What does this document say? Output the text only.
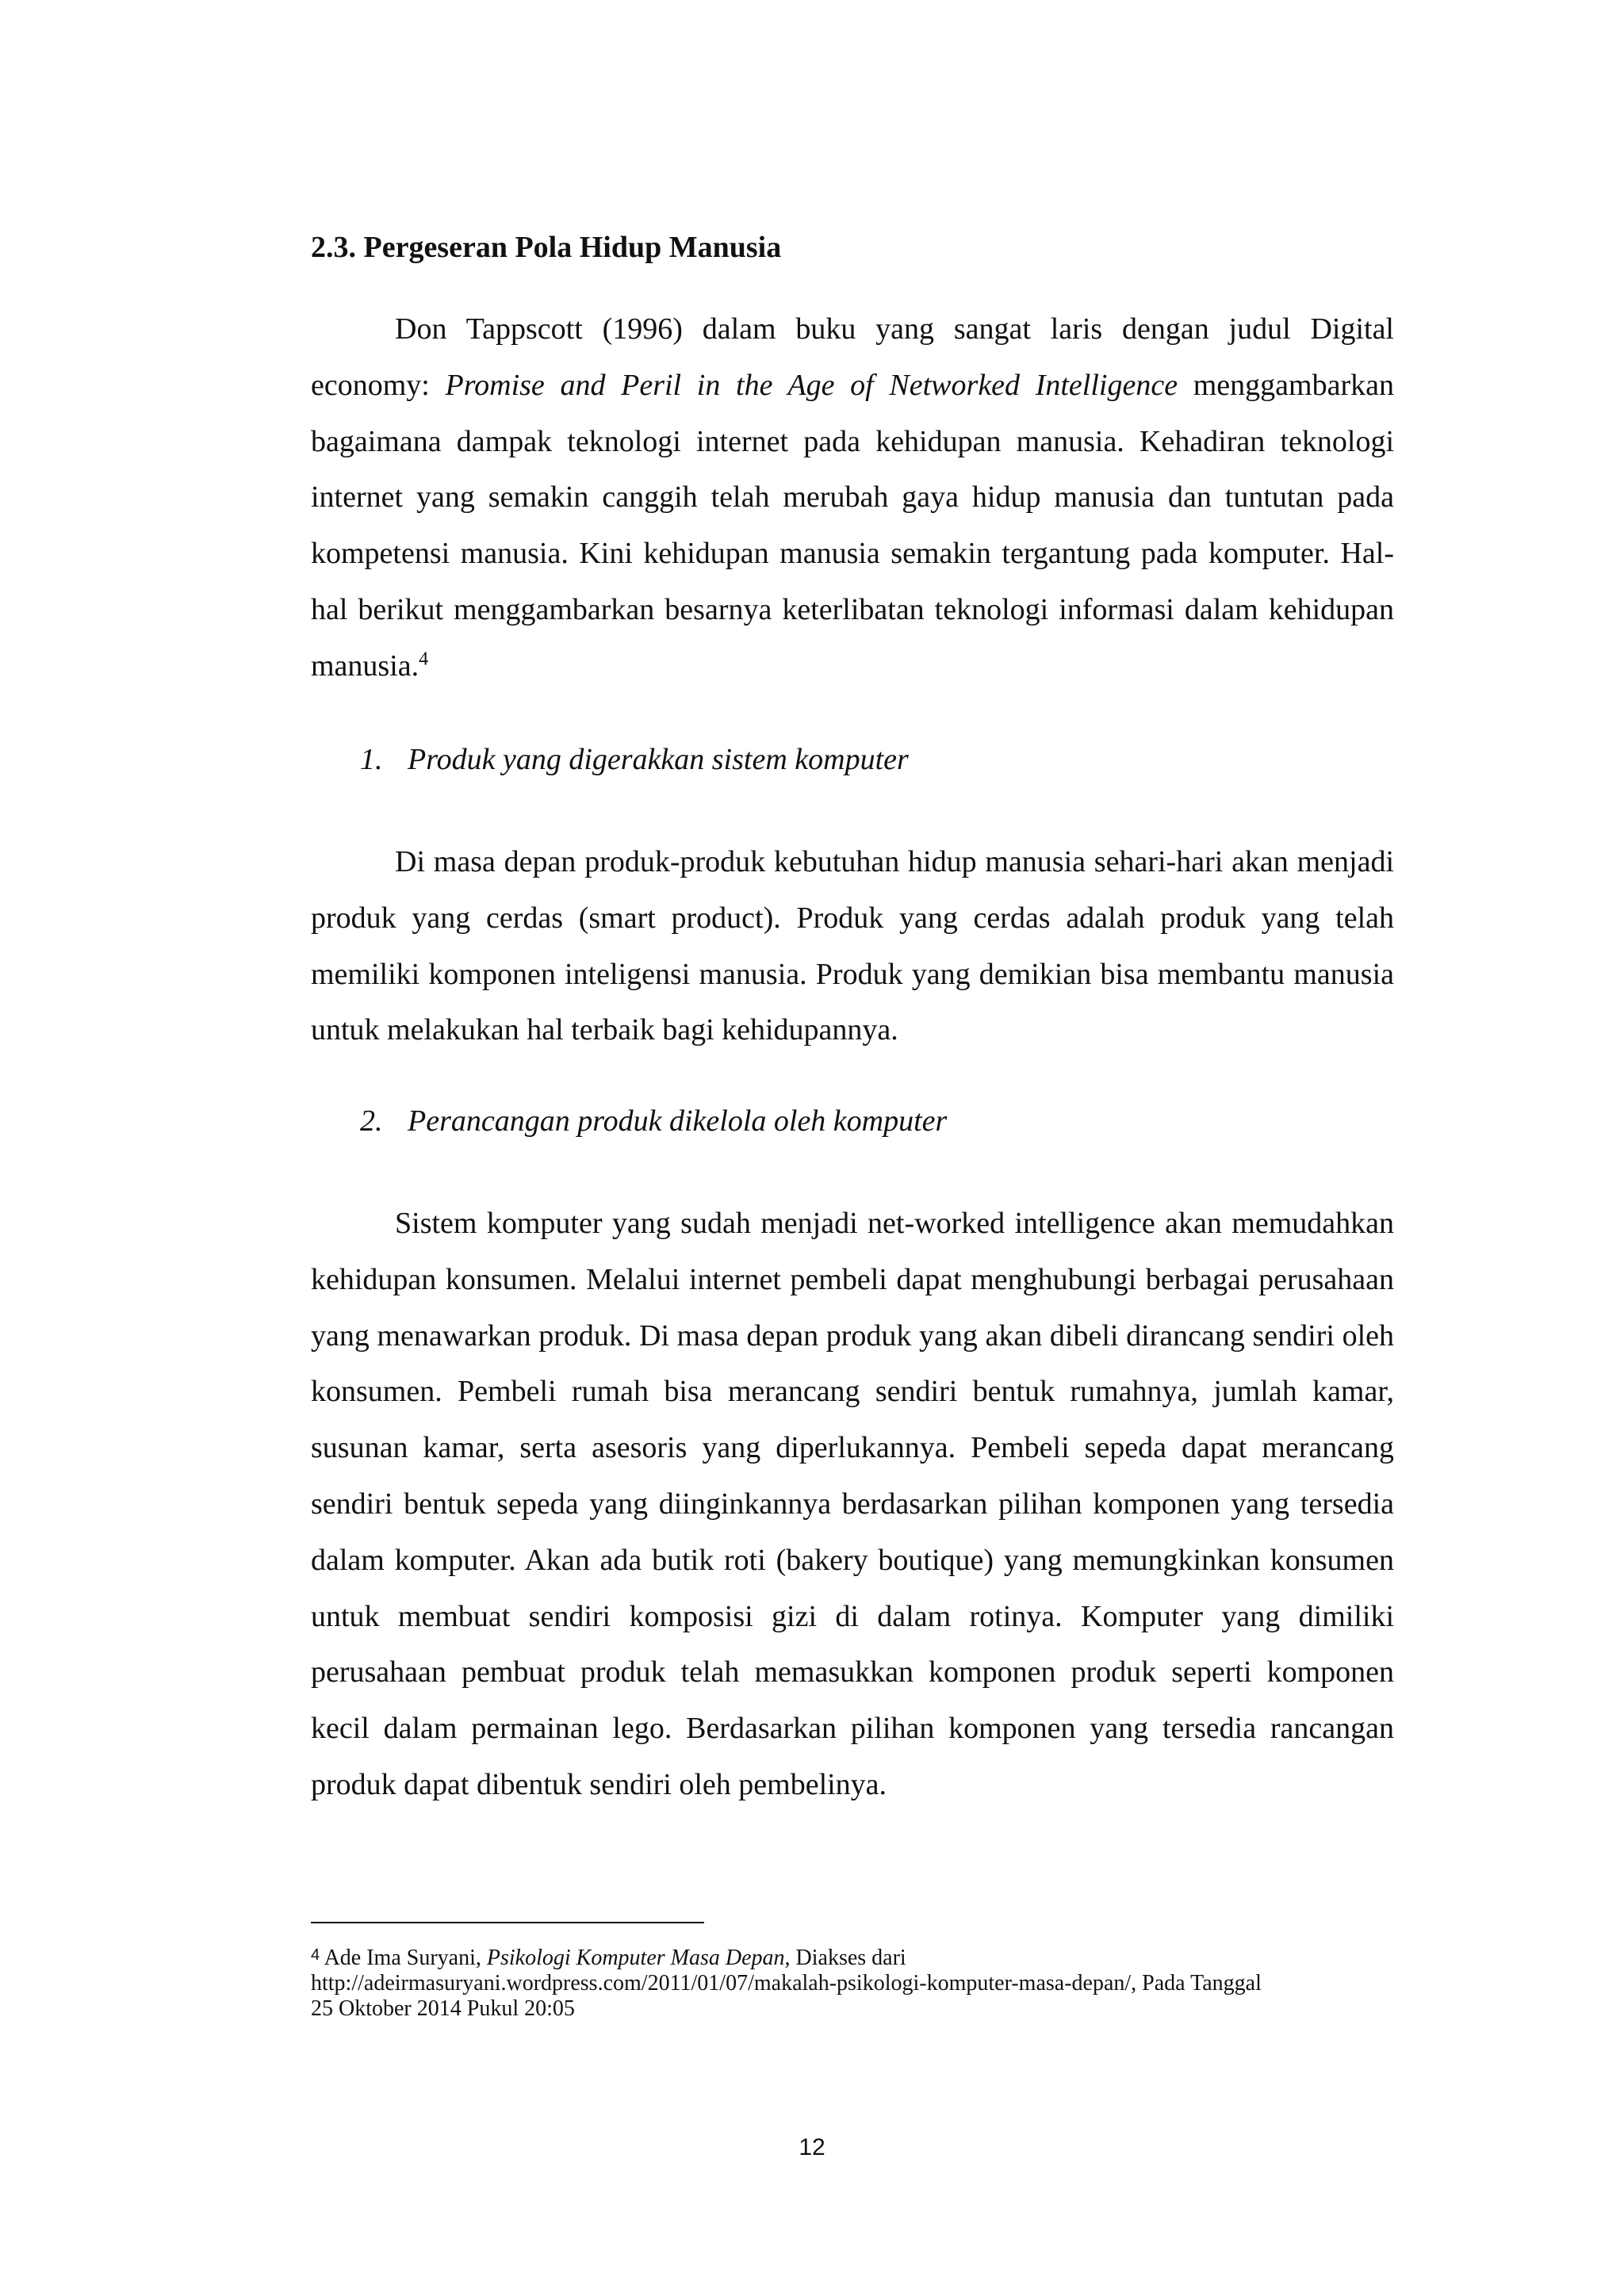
2.3. Pergeseran Pola Hidup Manusia

Don Tappscott (1996) dalam buku yang sangat laris dengan judul Digital economy: Promise and Peril in the Age of Networked Intelligence menggambarkan bagaimana dampak teknologi internet pada kehidupan manusia. Kehadiran teknologi internet yang semakin canggih telah merubah gaya hidup manusia dan tuntutan pada kompetensi manusia. Kini kehidupan manusia semakin tergantung pada komputer. Hal-hal berikut menggambarkan besarnya keterlibatan teknologi informasi dalam kehidupan manusia.$^4$

1. Produk yang digerakkan sistem komputer

Di masa depan produk-produk kebutuhan hidup manusia sehari-hari akan menjadi produk yang cerdas (smart product). Produk yang cerdas adalah produk yang telah memiliki komponen inteligensi manusia. Produk yang demikian bisa membantu manusia untuk melakukan hal terbaik bagi kehidupannya.

2. Perancangan produk dikelola oleh komputer

Sistem komputer yang sudah menjadi net-worked intelligence akan memudahkan kehidupan konsumen. Melalui internet pembeli dapat menghubungi berbagai perusahaan yang menawarkan produk. Di masa depan produk yang akan dibeli dirancang sendiri oleh konsumen. Pembeli rumah bisa merancang sendiri bentuk rumahnya, jumlah kamar, susunan kamar, serta asesoris yang diperlukannya. Pembeli sepeda dapat merancang sendiri bentuk sepeda yang diinginkannya berdasarkan pilihan komponen yang tersedia dalam komputer. Akan ada butik roti (bakery boutique) yang memungkinkan konsumen untuk membuat sendiri komposisi gizi di dalam rotinya. Komputer yang dimiliki perusahaan pembuat produk telah memasukkan komponen produk seperti komponen kecil dalam permainan lego. Berdasarkan pilihan komponen yang tersedia rancangan produk dapat dibentuk sendiri oleh pembelinya.

$^4$ Ade Ima Suryani, Psikologi Komputer Masa Depan, Diakses dari
http://adeirmasuryani.wordpress.com/2011/01/07/makalah-psikologi-komputer-masa-depan/, Pada Tanggal
25 Oktober 2014 Pukul 20:05
12
